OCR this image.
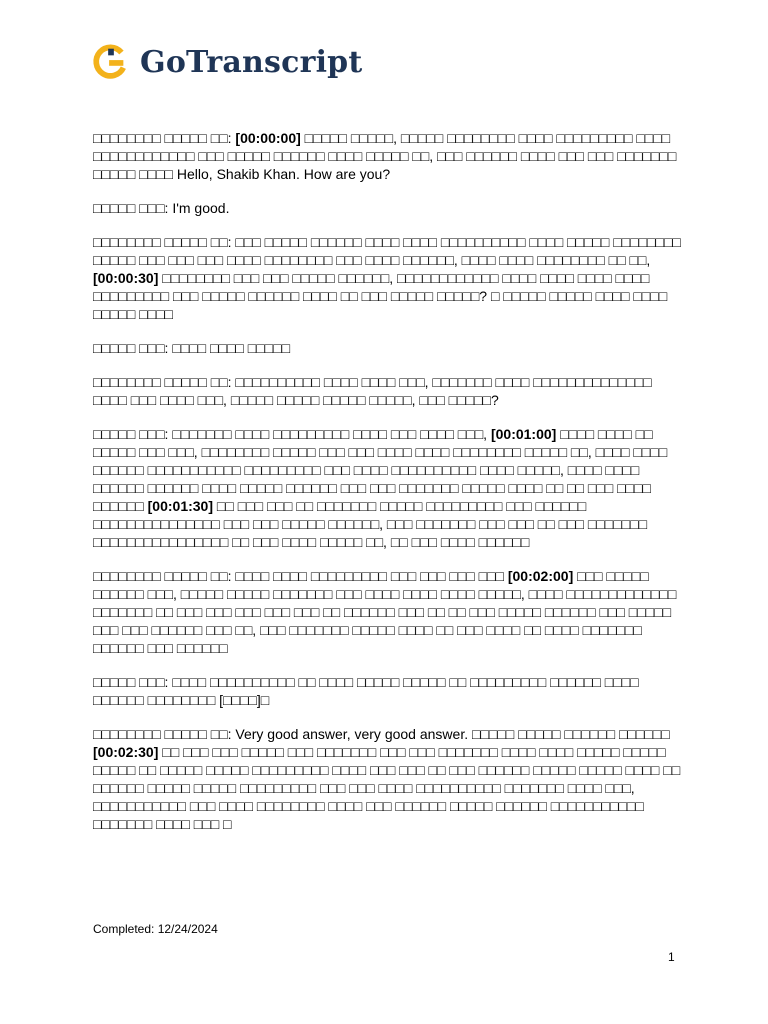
GoTranscript

□□□□□□□□ □□□□□ □□: [00:00:00] □□□□□ □□□□□, □□□□□ □□□□□□□□ □□□□ □□□□□□□□□ □□□□ □□□□□□□□□□□□ □□□ □□□□□ □□□□□□ □□□□ □□□□□ □□, □□□ □□□□□□ □□□□ □□□ □□□ □□□□□□□ □□□□□ □□□□ Hello, Shakib Khan. How are you?

□□□□□ □□□: I'm good.

□□□□□□□□ □□□□□ □□: □□□ □□□□□ □□□□□□ □□□□ □□□□ □□□□□□□□□□ □□□□ □□□□□ □□□□□□□□ □□□□□ □□□ □□□ □□□ □□□□ □□□□□□□□ □□□ □□□□ □□□□□□, □□□□ □□□□ □□□□□□□□ □□ □□, [00:00:30] □□□□□□□□ □□□ □□□ □□□□□ □□□□□□, □□□□□□□□□□□□ □□□□ □□□□ □□□□ □□□□ □□□□□□□□□ □□□ □□□□□ □□□□□□ □□□□ □□ □□□ □□□□□ □□□□□? □ □□□□□ □□□□□ □□□□ □□□□ □□□□□ □□□□

□□□□□ □□□: □□□□ □□□□ □□□□□

□□□□□□□□ □□□□□ □□: □□□□□□□□□□ □□□□ □□□□ □□□, □□□□□□□ □□□□ □□□□□□□□□□□□□□ □□□□ □□□ □□□□ □□□, □□□□□ □□□□□ □□□□□ □□□□□, □□□ □□□□□?

□□□□□ □□□: □□□□□□□ □□□□ □□□□□□□□□ □□□□ □□□ □□□□ □□□, [00:01:00] □□□□ □□□□ □□ □□□□□ □□□ □□□, □□□□□□□□ □□□□□ □□□ □□□ □□□□ □□□□ □□□□□□□□ □□□□□ □□, □□□□ □□□□ □□□□□□ □□□□□□□□□□□ □□□□□□□□□ □□□ □□□□ □□□□□□□□□□ □□□□ □□□□□, □□□□ □□□□ □□□□□□ □□□□□□ □□□□ □□□□□ □□□□□□ □□□ □□□ □□□□□□□ □□□□□ □□□□ □□ □□ □□□ □□□□ □□□□□□ [00:01:30] □□ □□□ □□□ □□ □□□□□□□ □□□□□ □□□□□□□□□ □□□ □□□□□□ □□□□□□□□□□□□□□□ □□□ □□□ □□□□□ □□□□□□, □□□ □□□□□□□ □□□ □□□ □□ □□□ □□□□□□□ □□□□□□□□□□□□□□□□ □□ □□□ □□□□ □□□□□ □□, □□ □□□ □□□□ □□□□□□

□□□□□□□□ □□□□□ □□: □□□□ □□□□ □□□□□□□□□ □□□ □□□ □□□ □□□ [00:02:00] □□□ □□□□□ □□□□□□ □□□, □□□□□ □□□□□ □□□□□□□ □□□ □□□□ □□□□ □□□□ □□□□□, □□□□ □□□□□□□□□□□□□ □□□□□□□ □□ □□□ □□□ □□□ □□□ □□□ □□ □□□□□□ □□□ □□ □□ □□□ □□□□□ □□□□□□ □□□ □□□□□ □□□ □□□ □□□□□□ □□□ □□, □□□ □□□□□□□ □□□□□ □□□□ □□ □□□ □□□□ □□ □□□□ □□□□□□□ □□□□□□ □□□ □□□□□□

□□□□□ □□□: □□□□ □□□□□□□□□□ □□ □□□□ □□□□□ □□□□□ □□ □□□□□□□□□ □□□□□□ □□□□ □□□□□□ □□□□□□□□ [□□□□]□

□□□□□□□□ □□□□□ □□: Very good answer, very good answer. □□□□□ □□□□□ □□□□□□ □□□□□□ [00:02:30] □□ □□□ □□□ □□□□□ □□□ □□□□□□□ □□□ □□□ □□□□□□□ □□□□ □□□□ □□□□□ □□□□□ □□□□□ □□ □□□□□ □□□□□ □□□□□□□□□ □□□□ □□□ □□□ □□ □□□ □□□□□□ □□□□□ □□□□□ □□□□ □□ □□□□□□ □□□□□ □□□□□ □□□□□□□□□ □□□ □□□ □□□□ □□□□□□□□□□ □□□□□□□ □□□□ □□□, □□□□□□□□□□□ □□□ □□□□ □□□□□□□□ □□□□ □□□ □□□□□□ □□□□□ □□□□□□ □□□□□□□□□□□ □□□□□□□ □□□□ □□□ □

Completed: 12/24/2024
1
